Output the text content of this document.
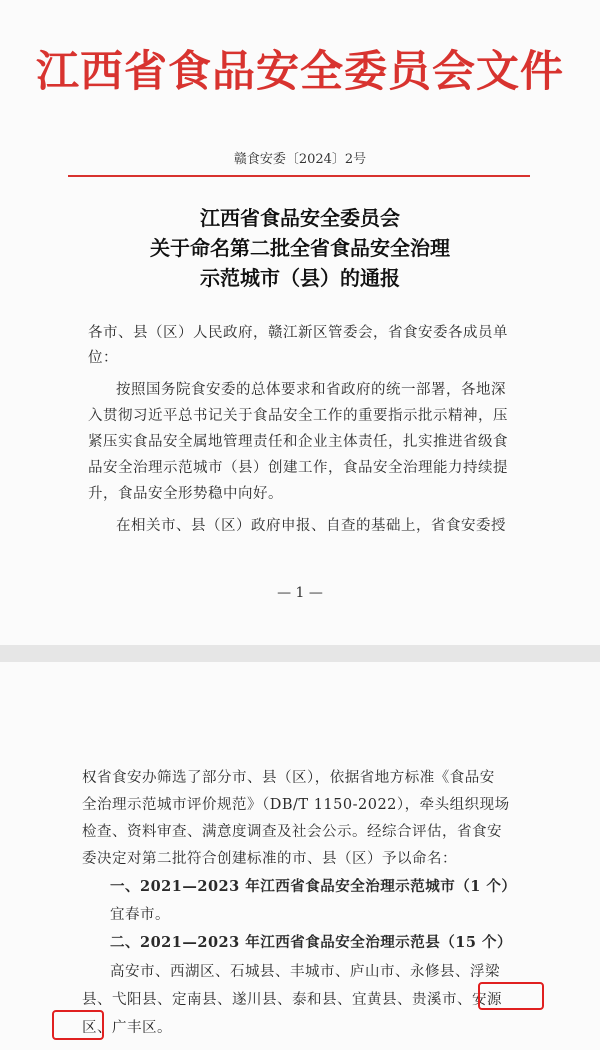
江西省食品安全委员会文件
赣食安委〔2024〕2号
江西省食品安全委员会
关于命名第二批全省食品安全治理
示范城市（县）的通报
各市、县（区）人民政府，赣江新区管委会，省食安委各成员单
位：
按照国务院食安委的总体要求和省政府的统一部署，各地深
入贯彻习近平总书记关于食品安全工作的重要指示批示精神，压
紧压实食品安全属地管理责任和企业主体责任，扎实推进省级食
品安全治理示范城市（县）创建工作，食品安全治理能力持续提
升，食品安全形势稳中向好。
在相关市、县（区）政府申报、自查的基础上，省食安委授
— 1 —
权省食安办筛选了部分市、县（区），依据省地方标准《食品安
全治理示范城市评价规范》（DB/T 1150-2022），牵头组织现场
检查、资料审查、满意度调查及社会公示。经综合评估，省食安
委决定对第二批符合创建标准的市、县（区）予以命名：
一、2021—2023 年江西省食品安全治理示范城市（1 个）
宜春市。
二、2021—2023 年江西省食品安全治理示范县（15 个）
高安市、西湖区、石城县、丰城市、庐山市、永修县、浮梁
县、弋阳县、定南县、遂川县、泰和县、宜黄县、贵溪市、安源
区、广丰区。
